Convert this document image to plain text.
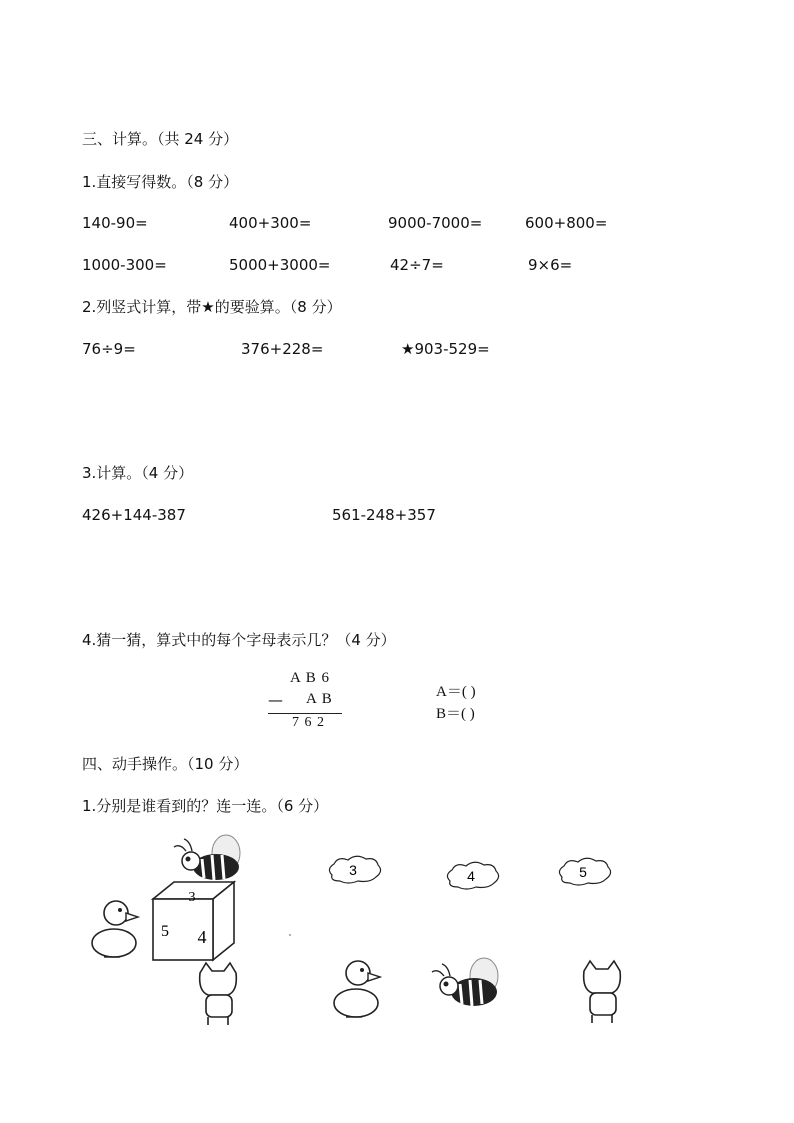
三、计算。（共 24 分）
1.直接写得数。（8 分）
140-90=	400+300=	9000-7000=	600+800=
1000-300=	5000+3000=	42÷7=	9×6=
2.列竖式计算，带★的要验算。（8 分）
76÷9=	376+228=	★903-529=
3.计算。（4 分）
426+144-387	561-248+357
4.猜一猜，算式中的每个字母表示几？（4 分）
A B 6
— A B
7 6 2
A＝( )
B＝( )
四、动手操作。（10 分）
1.分别是谁看到的？连一连。（6 分）
3
5 4
3	4	5
